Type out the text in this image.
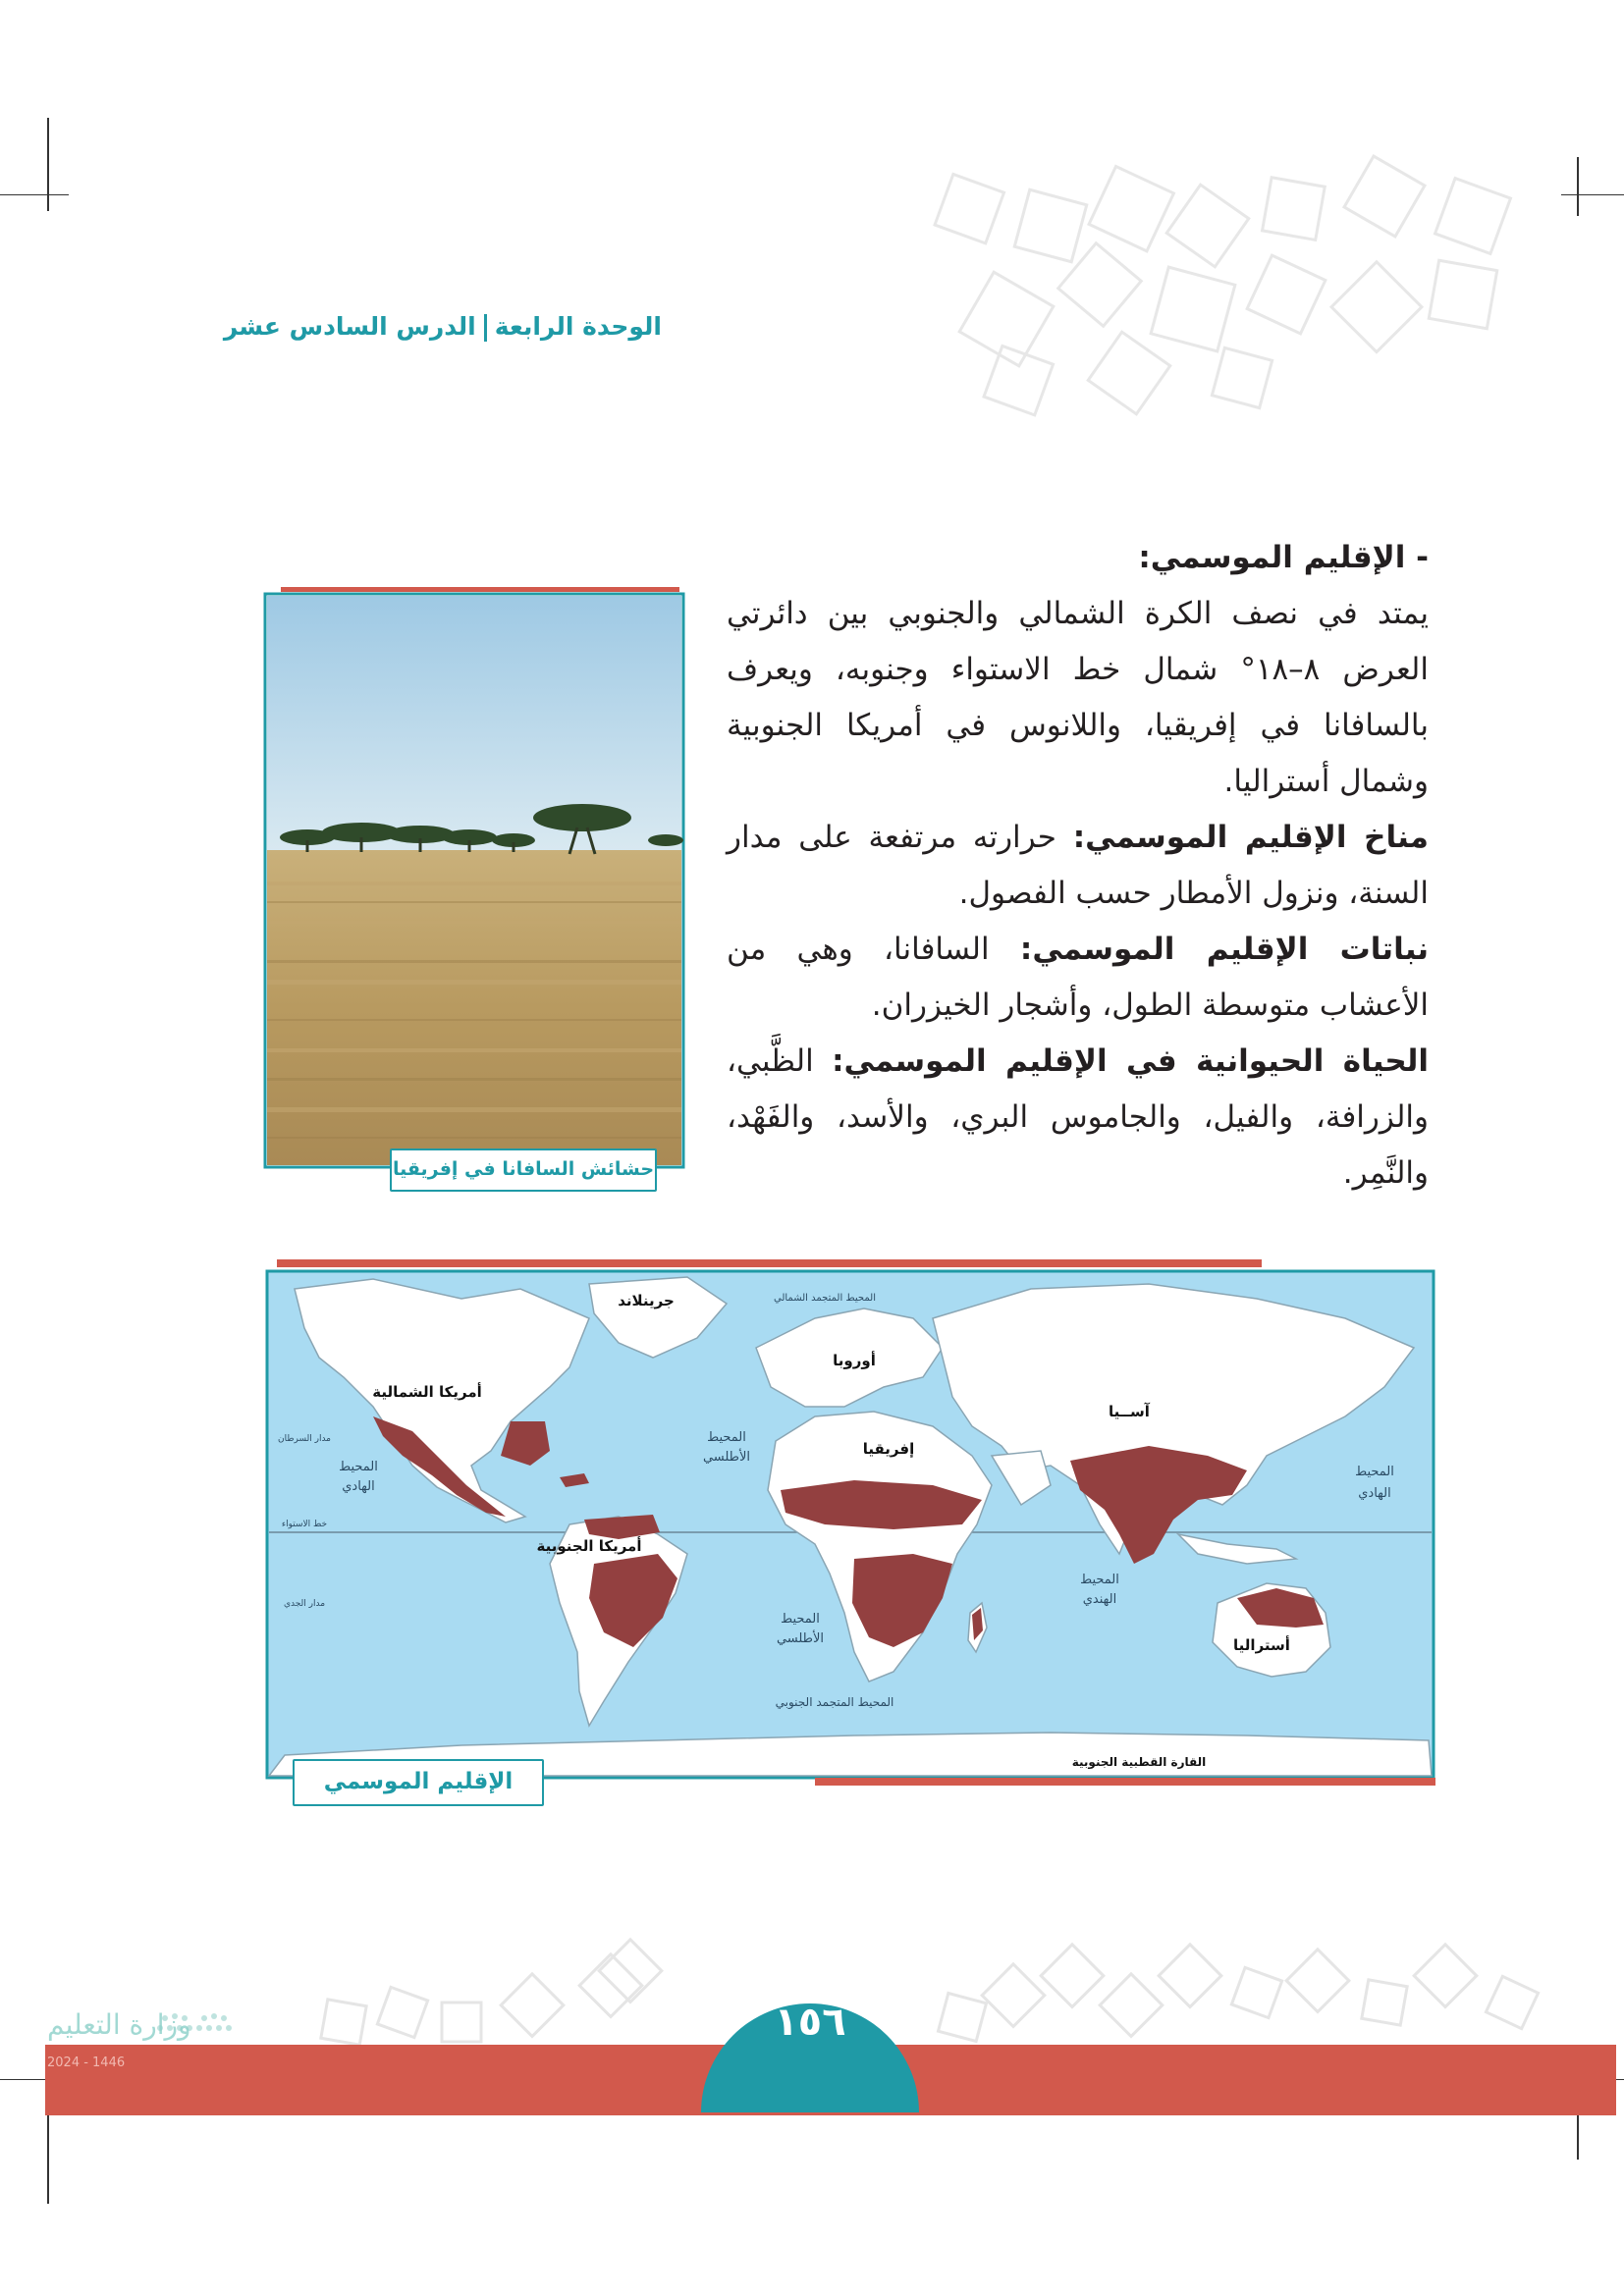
الوحدة الرابعةالدرس السادس عشر

- الإقليم الموسمي:

يمتد في نصف الكرة الشمالي والجنوبي بين دائرتي العرض ٨–١٨° شمال خط الاستواء وجنوبه، ويعرف بالسافانا في إفريقيا، واللانوس في أمريكا الجنوبية وشمال أستراليا.

مناخ الإقليم الموسمي: حرارته مرتفعة على مدار السنة، ونزول الأمطار حسب الفصول.

نباتات الإقليم الموسمي: السافانا، وهي من الأعشاب متوسطة الطول، وأشجار الخيزران.

الحياة الحيوانية في الإقليم الموسمي: الظَّبي، والزرافة، والفيل، والجاموس البري، والأسد، والفَهْد، والنَّمِر.

حشائش السافانا في إفريقيا
جرينلاند
أمريكا الشمالية
أمريكا الجنوبية
أوروبا
إفريقيا
آســيا
أستراليا
القارة القطبية الجنوبية
المحيط المتجمد الشمالي
المحيط المتجمد الجنوبي
المحيط
الهادي
المحيط
الهادي
المحيط
الأطلسي
المحيط
الأطلسي
المحيط
الهندي
مدار السرطان
خط الاستواء
مدار الجدي
الإقليم الموسمي
١٥٦
وزارة التعليم
2024 - 1446
